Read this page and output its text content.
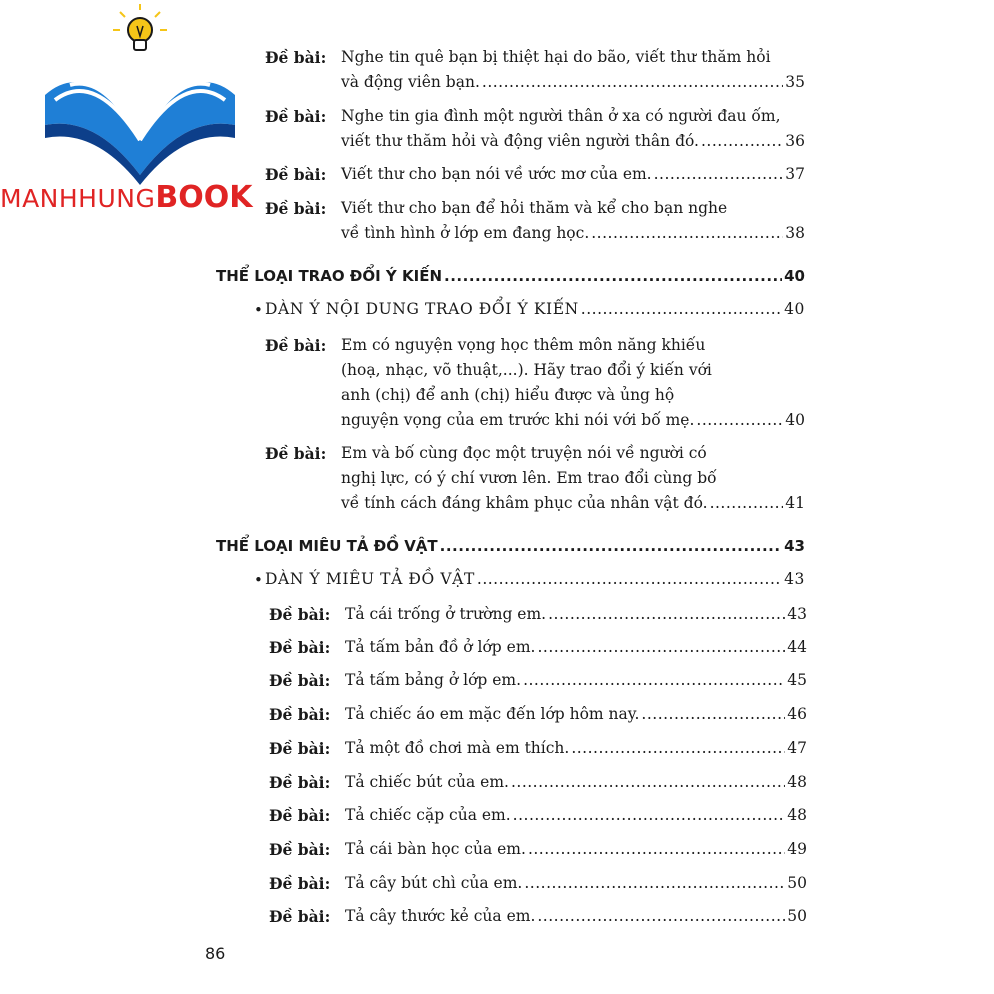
MANHHUNGBOOK
Đề bài: Nghe tin quê bạn bị thiệt hại do bão, viết thư thăm hỏi
và động viên bạn. .....	35
Đề bài: Nghe tin gia đình một người thân ở xa có người đau ốm,
viết thư thăm hỏi và động viên người thân đó. .....	36
Đề bài: Viết thư cho bạn nói về ước mơ của em. .....	37
Đề bài: Viết thư cho bạn để hỏi thăm và kể cho bạn nghe
về tình hình ở lớp em đang học. .....	38
THỂ LOẠI TRAO ĐỔI Ý KIẾN .....	40
• DÀN Ý NỘI DUNG TRAO ĐỔI Ý KIẾN .....	40
Đề bài: Em có nguyện vọng học thêm môn năng khiếu
(hoạ, nhạc, võ thuật,...). Hãy trao đổi ý kiến với
anh (chị) để anh (chị) hiểu được và ủng hộ
nguyện vọng của em trước khi nói với bố mẹ. .....	40
Đề bài: Em và bố cùng đọc một truyện nói về người có
nghị lực, có ý chí vươn lên. Em trao đổi cùng bố
về tính cách đáng khâm phục của nhân vật đó. .....	41
THỂ LOẠI MIÊU TẢ ĐỒ VẬT .....	43
• DÀN Ý MIÊU TẢ ĐỒ VẬT .....	43
Đề bài: Tả cái trống ở trường em. .....	43
Đề bài: Tả tấm bản đồ ở lớp em. .....	44
Đề bài: Tả tấm bảng ở lớp em. .....	45
Đề bài: Tả chiếc áo em mặc đến lớp hôm nay. .....	46
Đề bài: Tả một đồ chơi mà em thích. .....	47
Đề bài: Tả chiếc bút của em. .....	48
Đề bài: Tả chiếc cặp của em. .....	48
Đề bài: Tả cái bàn học của em. .....	49
Đề bài: Tả cây bút chì của em. .....	50
Đề bài: Tả cây thước kẻ của em. .....	50
86
